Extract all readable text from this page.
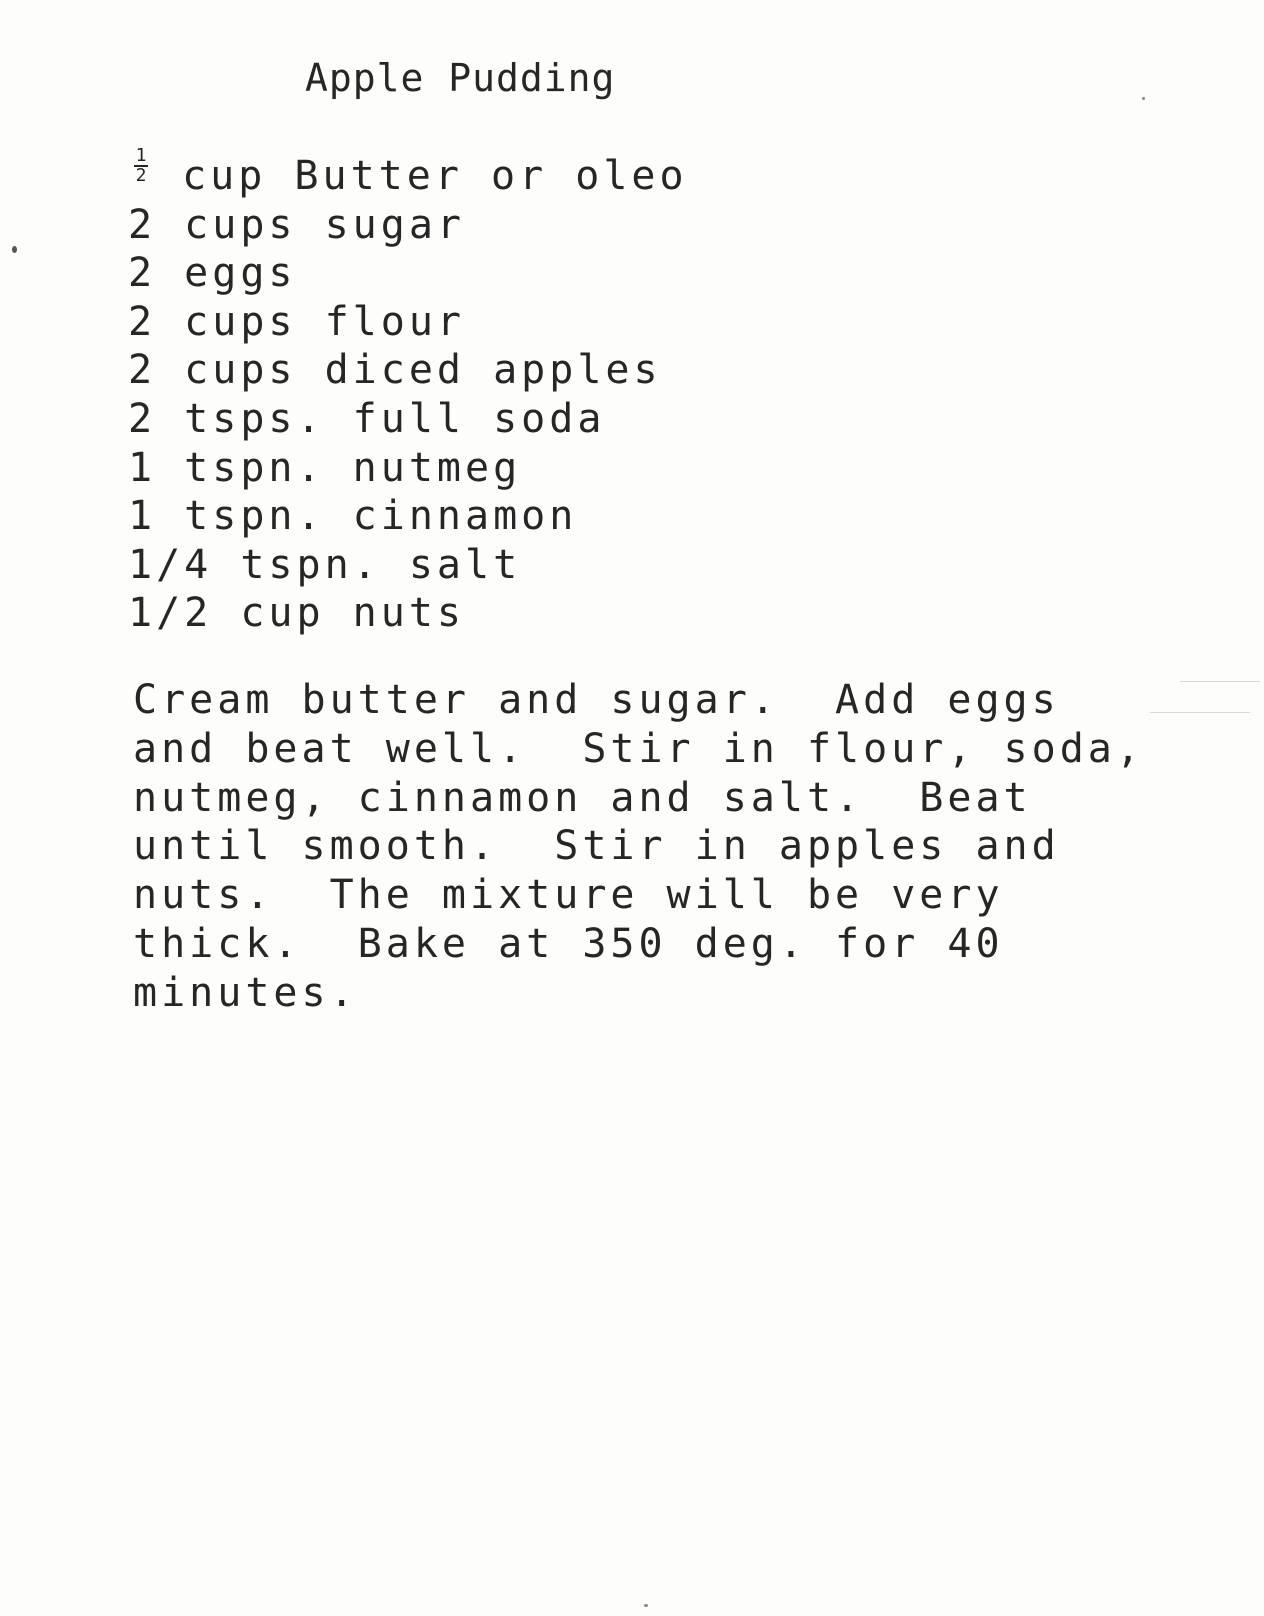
Apple Pudding
$\frac{1}{2}$ cup Butter or oleo
2 cups sugar
2 eggs
2 cups flour
2 cups diced apples
2 tsps. full soda
1 tspn. nutmeg
1 tspn. cinnamon
1/4 tspn. salt
1/2 cup nuts

Cream butter and sugar.  Add eggs
and beat well.  Stir in flour, soda,
nutmeg, cinnamon and salt.  Beat
until smooth.  Stir in apples and
nuts.  The mixture will be very
thick.  Bake at 350 deg. for 40
minutes.
